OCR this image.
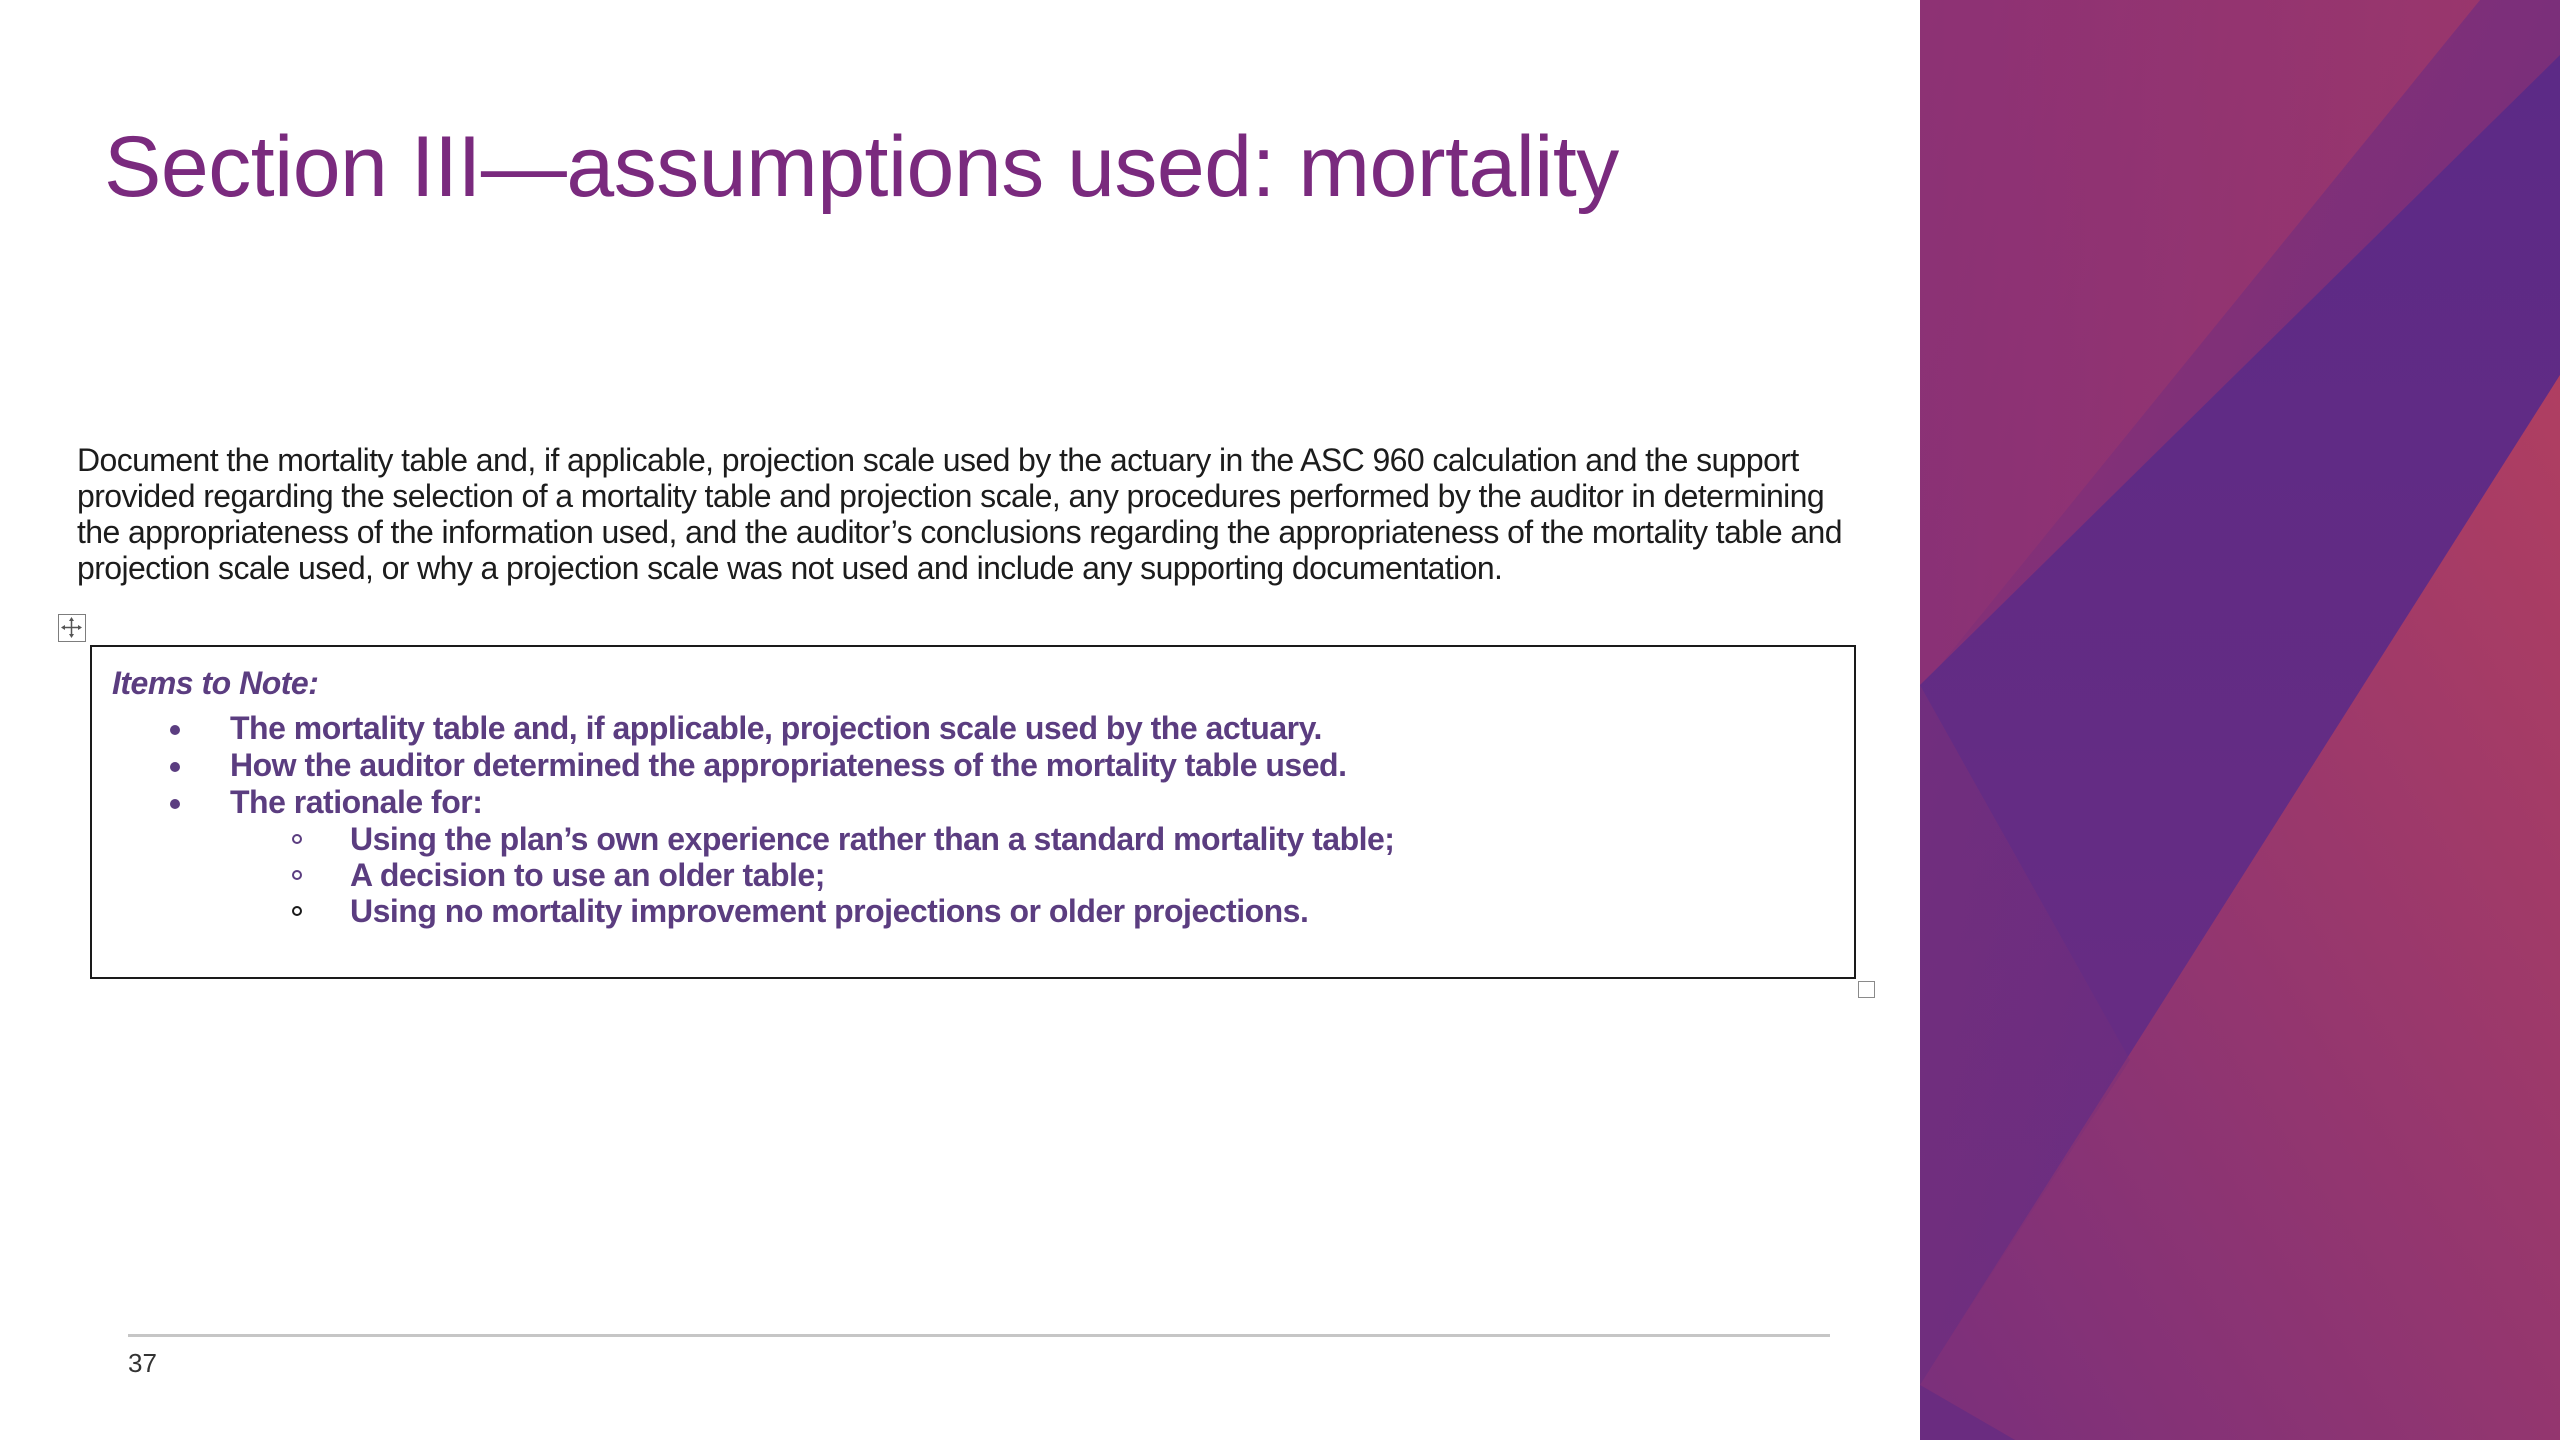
Section III—assumptions used: mortality
Document the mortality table and, if applicable, projection scale used by the actuary in the ASC 960 calculation and the support provided regarding the selection of a mortality table and projection scale, any procedures performed by the auditor in determining the appropriateness of the information used, and the auditor’s conclusions regarding the appropriateness of the mortality table and projection scale used, or why a projection scale was not used and include any supporting documentation.
Items to Note:
The mortality table and, if applicable, projection scale used by the actuary.
How the auditor determined the appropriateness of the mortality table used.
The rationale for:
Using the plan’s own experience rather than a standard mortality table;
A decision to use an older table;
Using no mortality improvement projections or older projections.
37
